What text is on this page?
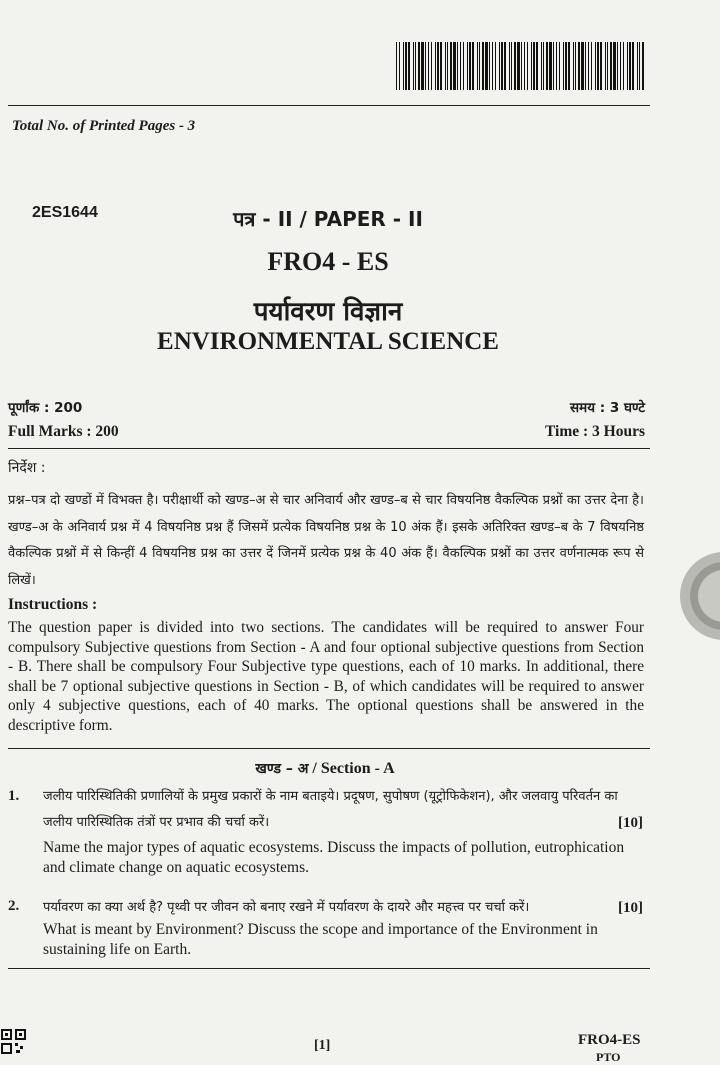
Total No. of Printed Pages - 3
2ES1644	पत्र - II / PAPER - II
FRO4 - ES
पर्यावरण विज्ञान
ENVIRONMENTAL SCIENCE
पूर्णांक : 200
Full Marks : 200
समय : 3 घण्टे
Time : 3 Hours
निर्देश :
प्रश्न–पत्र दो खण्डों में विभक्त है। परीक्षार्थी को खण्ड–अ से चार अनिवार्य और खण्ड–ब से चार विषयनिष्ठ वैकल्पिक प्रश्नों का उत्तर देना है। खण्ड–अ के अनिवार्य प्रश्न में 4 विषयनिष्ठ प्रश्न हैं जिसमें प्रत्येक विषयनिष्ठ प्रश्न के 10 अंक हैं। इसके अतिरिक्त खण्ड–ब के 7 विषयनिष्ठ वैकल्पिक प्रश्नों में से किन्हीं 4 विषयनिष्ठ प्रश्न का उत्तर दें जिनमें प्रत्येक प्रश्न के 40 अंक हैं। वैकल्पिक प्रश्नों का उत्तर वर्णनात्मक रूप से लिखें।
Instructions :
The question paper is divided into two sections. The candidates will be required to answer Four compulsory Subjective questions from Section - A and four optional subjective questions from Section - B. There shall be compulsory Four Subjective type questions, each of 10 marks. In additional, there shall be 7 optional subjective questions in Section - B, of which candidates will be required to answer only 4 subjective questions, each of 40 marks. The optional questions shall be answered in the descriptive form.
खण्ड – अ / Section - A
1. जलीय पारिस्थितिकी प्रणालियों के प्रमुख प्रकारों के नाम बताइये। प्रदूषण, सुपोषण (यूट्रोफिकेशन), और जलवायु परिवर्तन का जलीय पारिस्थितिक तंत्रों पर प्रभाव की चर्चा करें।	[10]
Name the major types of aquatic ecosystems. Discuss the impacts of pollution, eutrophication and climate change on aquatic ecosystems.
2. पर्यावरण का क्या अर्थ है? पृथ्वी पर जीवन को बनाए रखने में पर्यावरण के दायरे और महत्त्व पर चर्चा करें।	[10]
What is meant by Environment? Discuss the scope and importance of the Environment in sustaining life on Earth.
[1]	FRO4-ES
PTO
